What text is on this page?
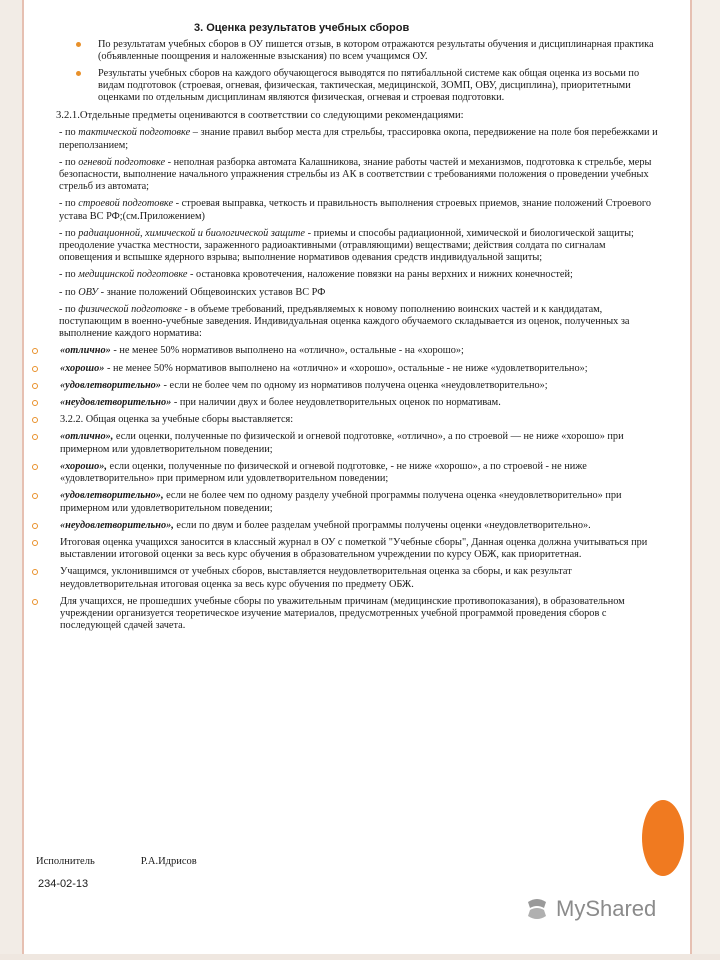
3. Оценка результатов учебных сборов
По результатам учебных сборов в ОУ пишется отзыв, в котором отражаются результаты обучения и дисциплинарная практика (объявленные поощрения и наложенные взыскания) по всем учащимся ОУ.
Результаты учебных сборов на каждого обучающегося выводятся по пятибалльной системе как общая оценка из восьми по видам подготовок (строевая, огневая, физическая, тактическая, медицинской, ЗОМП, ОВУ, дисциплина), приоритетными оценками по отдельным дисциплинам являются физическая, огневая и строевая подготовки.
3.2.1.Отдельные предметы оцениваются в соответствии со следующими рекомендациями:
- по тактической подготовке – знание правил выбор места для стрельбы, трассировка окопа, передвижение на поле боя перебежками и переползанием;
- по огневой подготовке - неполная разборка автомата Калашникова, знание работы частей и механизмов, подготовка к стрельбе, меры безопасности, выполнение начального упражнения стрельбы из АК в соответствии с требованиями положения о проведении учебных стрельб из автомата;
- по строевой подготовке - строевая выправка, четкость и правильность выполнения строевых приемов, знание положений Строевого устава ВС РФ;(см.Приложением)
- по радиационной, химической и биологической защите - приемы и способы радиационной, химической и биологической защиты; преодоление участка местности, зараженного радиоактивными (отравляющими) веществами; действия солдата по сигналам оповещения и вспышке ядерного взрыва; выполнение нормативов одевания средств индивидуальной защиты;
- по медицинской подготовке - остановка кровотечения, наложение повязки на раны верхних и нижних конечностей;
- по ОВУ - знание положений Общевоинских уставов ВС РФ
- по физической подготовке - в объеме требований, предъявляемых к новому пополнению воинских частей и к кандидатам, поступающим в военно-учебные заведения. Индивидуальная оценка каждого обучаемого складывается из оценок, полученных за выполнение каждого норматива:
«отлично» - не менее 50% нормативов выполнено на «отлично», остальные - на «хорошо»;
«хорошо» - не менее 50% нормативов выполнено на «отлично» и «хорошо», остальные - не ниже «удовлетворительно»;
«удовлетворительно» - если не более чем по одному из нормативов получена оценка «неудовлетворительно»;
«неудовлетворительно» - при наличии двух и более неудовлетворительных оценок по нормативам.
3.2.2. Общая оценка за учебные сборы выставляется:
«отлично», если оценки, полученные по физической и огневой подготовке, «отлично», а по строевой — не ниже «хорошо» при примерном или удовлетворительном поведении;
«хорошо», если оценки, полученные по физической и огневой подготовке, - не ниже «хорошо», а по строевой - не ниже «удовлетворительно» при примерном или удовлетворительном поведении;
«удовлетворительно», если не более чем по одному разделу учебной программы получена оценка «неудовлетворительно» при примерном или удовлетворительном поведении;
«неудовлетворительно», если по двум и более разделам учебной программы получены оценки «неудовлетворительно».
Итоговая оценка учащихся заносится в классный журнал в ОУ с пометкой "Учебные сборы", Данная оценка должна учитываться при выставлении итоговой оценки за весь курс обучения в образовательном учреждении по курсу ОБЖ, как приоритетная.
Учащимся, уклонившимся от учебных сборов, выставляется неудовлетворительная оценка за сборы, и как результат неудовлетворительная итоговая оценка за весь курс обучения по предмету ОБЖ.
Для учащихся, не прошедших учебные сборы по уважительным причинам (медицинские противопоказания), в образовательном учреждении организуется теоретическое изучение материалов, предусмотренных учебной программой проведения сборов с последующей сдачей зачета.
Исполнитель	Р.А.Идрисов
234-02-13
MyShared
